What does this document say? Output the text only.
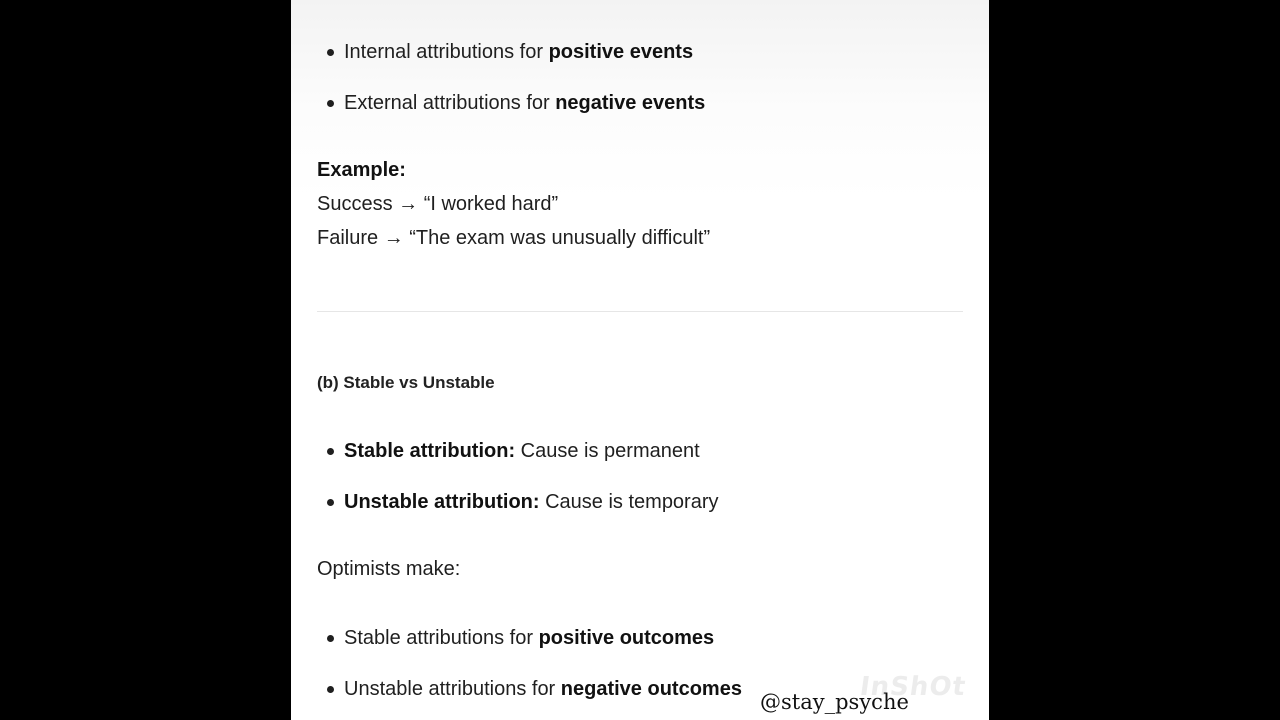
Internal attributions for positive events
External attributions for negative events

Example:

Success → “I worked hard”

Failure → “The exam was unusually difficult”

(b) Stable vs Unstable
Stable attribution: Cause is permanent
Unstable attribution: Cause is temporary

Optimists make:

Stable attributions for positive outcomes
Unstable attributions for negative outcomes	InShOt
@stay_psyche
